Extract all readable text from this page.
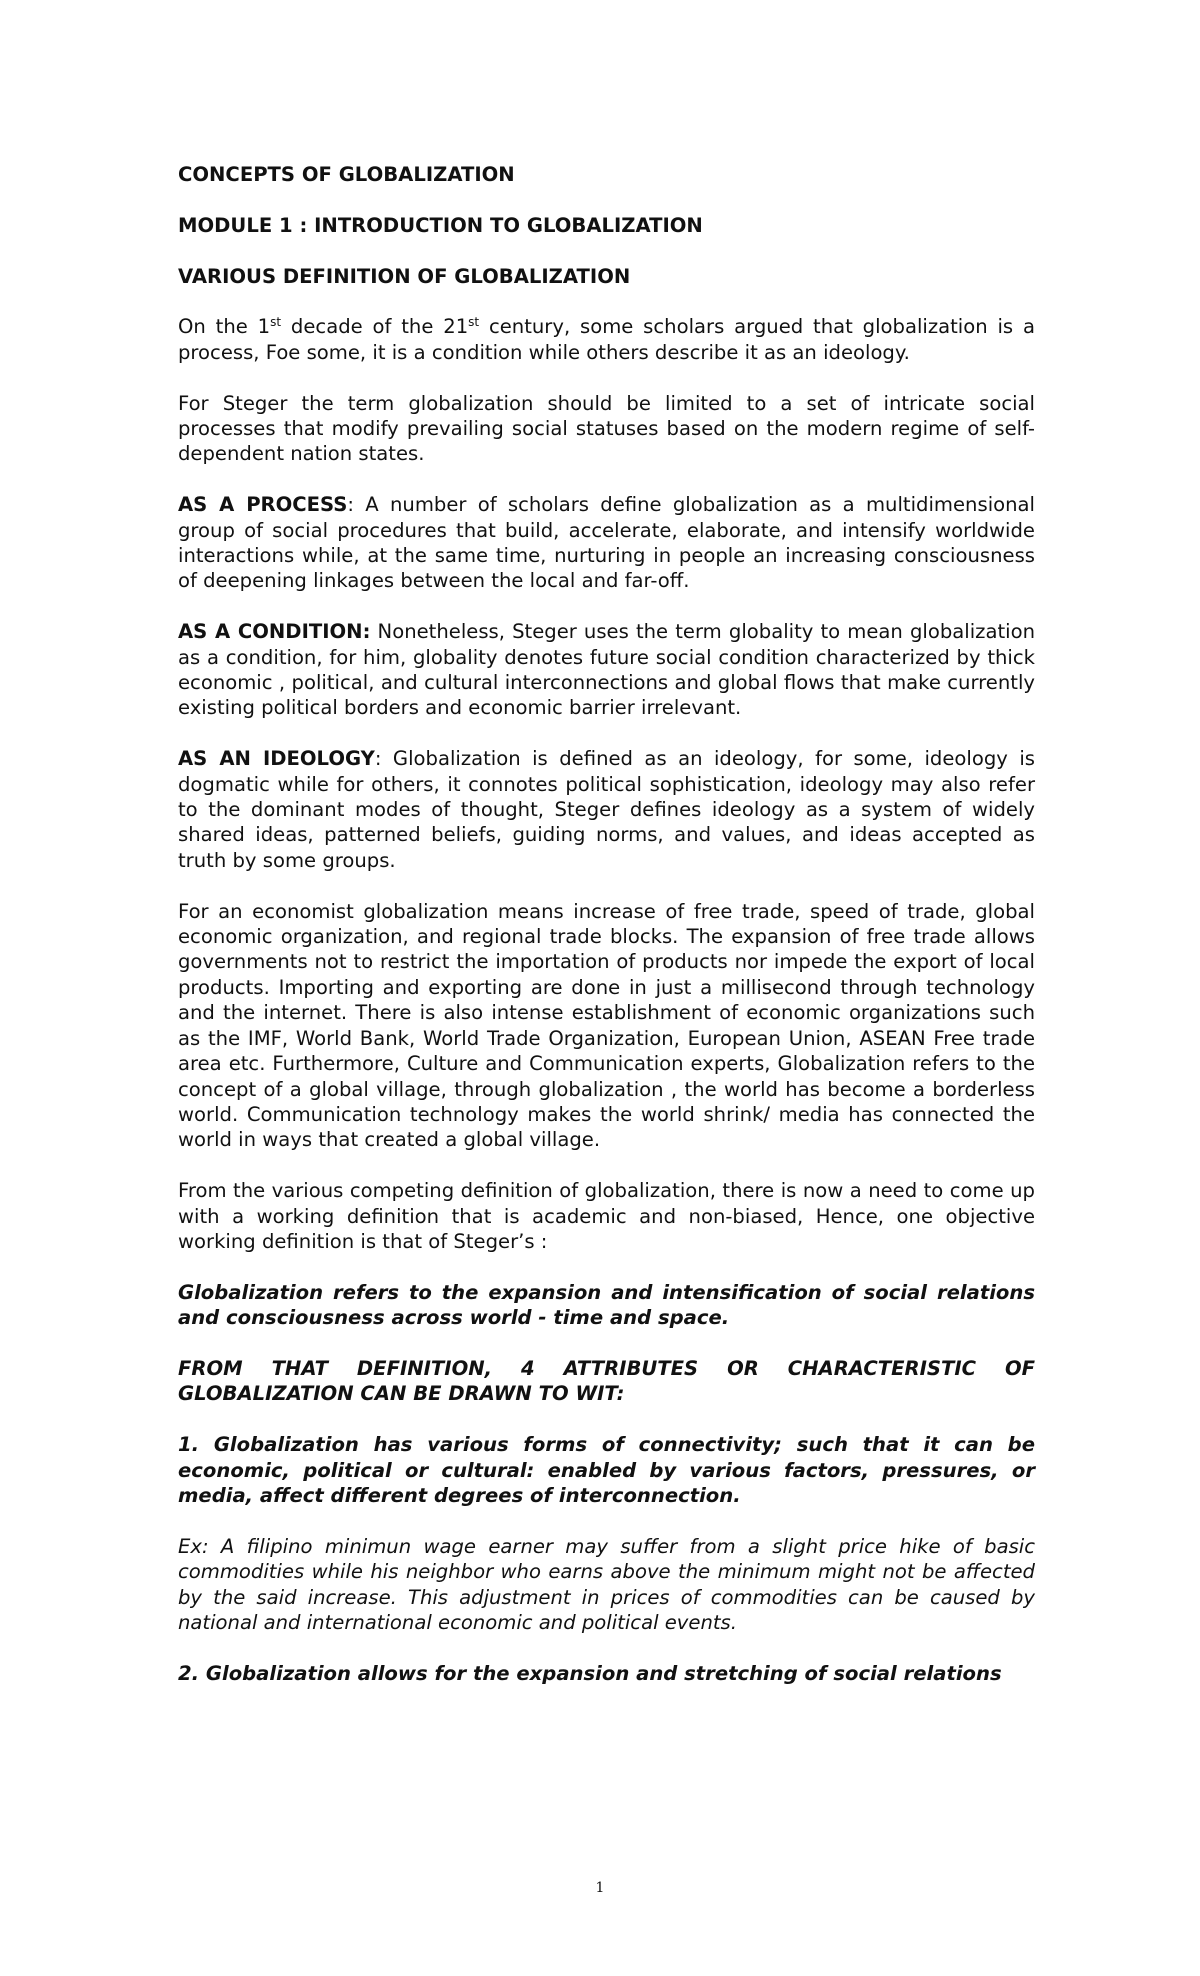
CONCEPTS OF GLOBALIZATION
MODULE 1 : INTRODUCTION TO GLOBALIZATION
VARIOUS DEFINITION OF GLOBALIZATION

On the 1st decade of the 21st century, some scholars argued that globalization is a process, Foe some, it is a condition while others describe it as an ideology.

For Steger the term globalization should be limited to a set of intricate social processes that modify prevailing social statuses based on the modern regime of self-dependent nation states.

AS A PROCESS: A number of scholars define globalization as a multidimensional group of social procedures that build, accelerate, elaborate, and intensify worldwide interactions while, at the same time, nurturing in people an increasing consciousness of deepening linkages between the local and far-off.

AS A CONDITION: Nonetheless, Steger uses the term globality to mean globalization as a condition, for him, globality denotes future social condition characterized by thick economic , political, and cultural interconnections and global flows that make currently existing political borders and economic barrier irrelevant.

AS AN IDEOLOGY: Globalization is defined as an ideology, for some, ideology is dogmatic while for others, it connotes political sophistication, ideology may also refer to the dominant modes of thought, Steger defines ideology as a system of widely shared ideas, patterned beliefs, guiding norms, and values, and ideas accepted as truth by some groups.

For an economist globalization means increase of free trade, speed of trade, global economic organization, and regional trade blocks. The expansion of free trade allows governments not to restrict the importation of products nor impede the export of local products. Importing and exporting are done in just a millisecond through technology and the internet. There is also intense establishment of economic organizations such as the IMF, World Bank, World Trade Organization, European Union, ASEAN Free trade area etc. Furthermore, Culture and Communication experts, Globalization refers to the concept of a global village, through globalization , the world has become a borderless world. Communication technology makes the world shrink/ media has connected the world in ways that created a global village.

From the various competing definition of globalization, there is now a need to come up with a working definition that is academic and non-biased, Hence, one objective working definition is that of Steger’s :

Globalization refers to the expansion and intensification of social relations and consciousness across world - time and space.

FROM THAT DEFINITION, 4 ATTRIBUTES OR CHARACTERISTIC OF GLOBALIZATION CAN BE DRAWN TO WIT:

1. Globalization has various forms of connectivity; such that it can be economic, political or cultural: enabled by various factors, pressures, or media, affect different degrees of interconnection.

Ex: A filipino minimun wage earner may suffer from a slight price hike of basic commodities while his neighbor who earns above the minimum might not be affected by the said increase. This adjustment in prices of commodities can be caused by national and international economic and political events.

2. Globalization allows for the expansion and stretching of social relations

1
